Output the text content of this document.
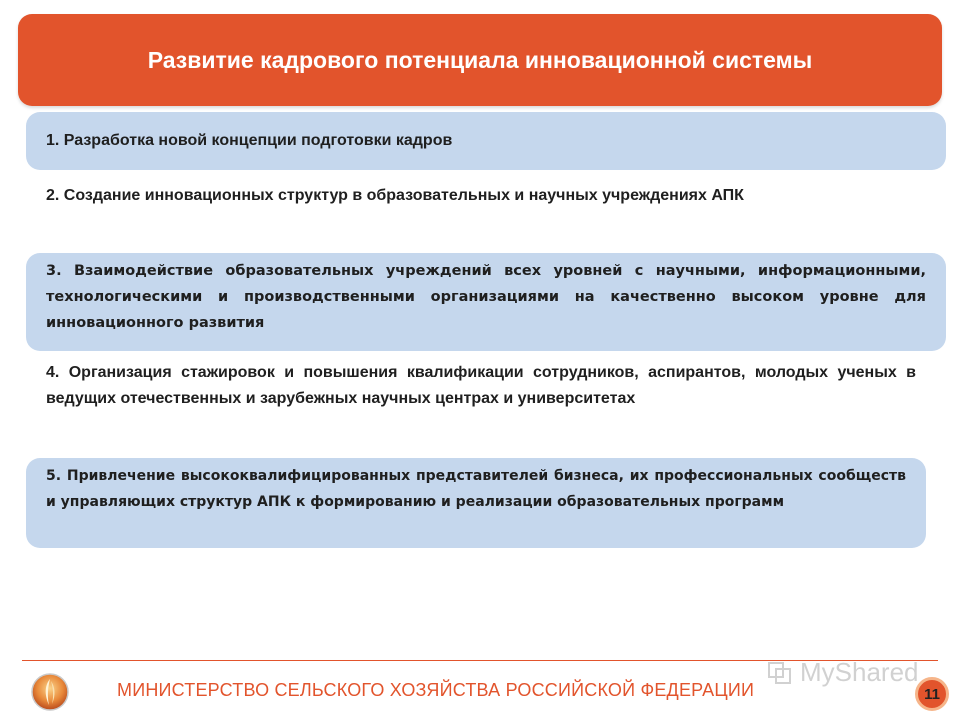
Развитие кадрового потенциала инновационной системы
1. Разработка новой концепции подготовки кадров
2. Создание инновационных структур в образовательных и научных учреждениях АПК
3. Взаимодействие образовательных учреждений всех уровней с научными, информационными, технологическими и производственными организациями на качественно высоком уровне для инновационного развития
4. Организация стажировок и повышения квалификации сотрудников, аспирантов, молодых ученых в ведущих отечественных и зарубежных научных центрах и университетах
5. Привлечение высококвалифицированных представителей бизнеса, их профессиональных сообществ и управляющих структур АПК к формированию и реализации образовательных программ
МИНИСТЕРСТВО СЕЛЬСКОГО ХОЗЯЙСТВА РОССИЙСКОЙ ФЕДЕРАЦИИ
MyShared
11
